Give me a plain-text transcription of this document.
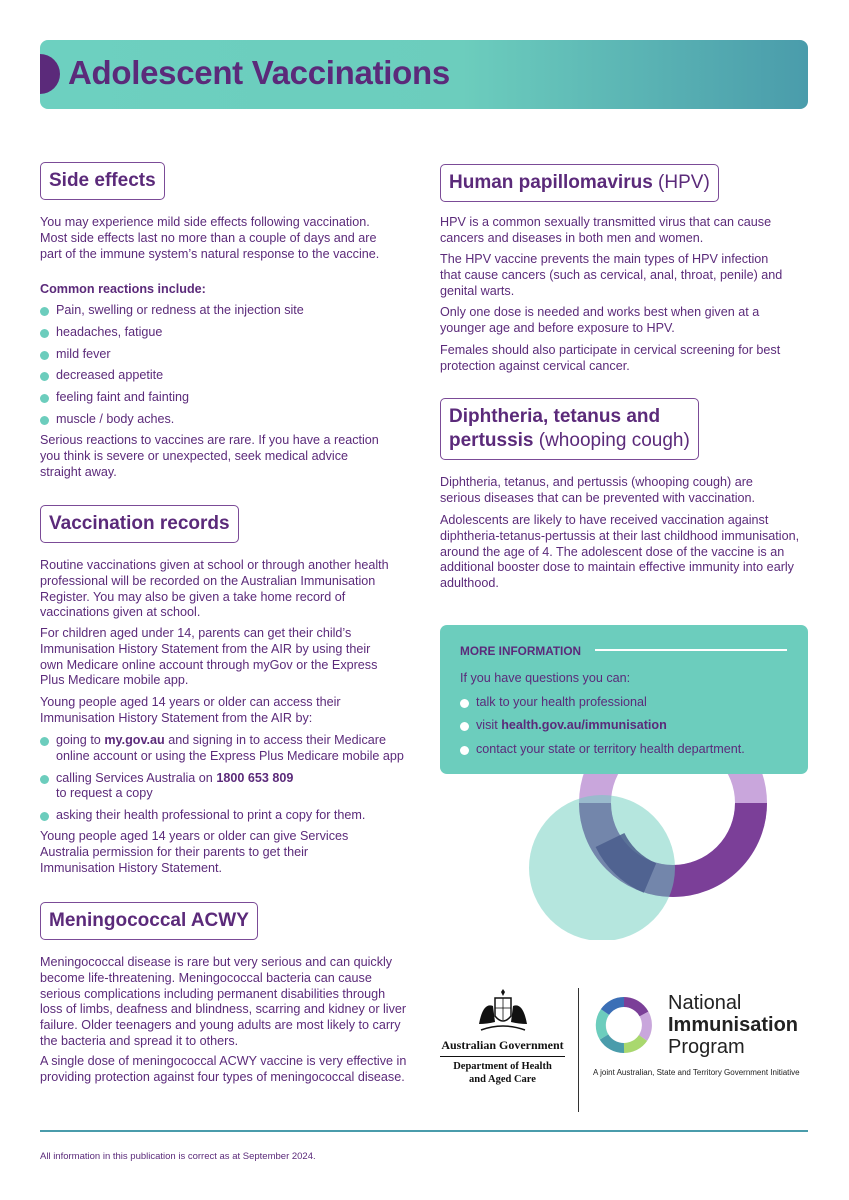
Adolescent Vaccinations
Side effects

You may experience mild side effects following vaccination. Most side effects last no more than a couple of days and are part of the immune system’s natural response to the vaccine.

Common reactions include:

Pain, swelling or redness at the injection site
headaches, fatigue
mild fever
decreased appetite
feeling faint and fainting
muscle / body aches.

Serious reactions to vaccines are rare. If you have a reaction you think is severe or unexpected, seek medical advice straight away.

Vaccination records

Routine vaccinations given at school or through another health professional will be recorded on the Australian Immunisation Register. You may also be given a take home record of vaccinations given at school.

For children aged under 14, parents can get their child’s Immunisation History Statement from the AIR by using their own Medicare online account through myGov or the Express Plus Medicare mobile app.

Young people aged 14 years or older can access their Immunisation History Statement from the AIR by:

going to my.gov.au and signing in to access their Medicare online account or using the Express Plus Medicare mobile app
calling Services Australia on 1800 653 809
to request a copy
asking their health professional to print a copy for them.

Young people aged 14 years or older can give Services Australia permission for their parents to get their Immunisation History Statement.

Meningococcal ACWY

Meningococcal disease is rare but very serious and can quickly become life-threatening. Meningococcal bacteria can cause serious complications including permanent disabilities through loss of limbs, deafness and blindness, scarring and kidney or liver failure. Older teenagers and young adults are most likely to carry the bacteria and spread it to others.

A single dose of meningococcal ACWY vaccine is very effective in providing protection against four types of meningococcal disease.

Human papillomavirus (HPV)

HPV is a common sexually transmitted virus that can cause cancers and diseases in both men and women.

The HPV vaccine prevents the main types of HPV infection that cause cancers (such as cervical, anal, throat, penile) and genital warts.

Only one dose is needed and works best when given at a younger age and before exposure to HPV.

Females should also participate in cervical screening for best protection against cervical cancer.

Diphtheria, tetanus and
pertussis (whooping cough)

Diphtheria, tetanus, and pertussis (whooping cough) are serious diseases that can be prevented with vaccination.

Adolescents are likely to have received vaccination against diphtheria-tetanus-pertussis at their last childhood immunisation, around the age of 4. The adolescent dose of the vaccine is an additional booster dose to maintain effective immunity into early adulthood.

MORE INFORMATION
If you have questions you can:
talk to your health professional
visit health.gov.au/immunisation
contact your state or territory health department.
Australian Government
Department of Health
and Aged Care
National
Immunisation
Program
A joint Australian, State and Territory Government Initiative
All information in this publication is correct as at September 2024.
